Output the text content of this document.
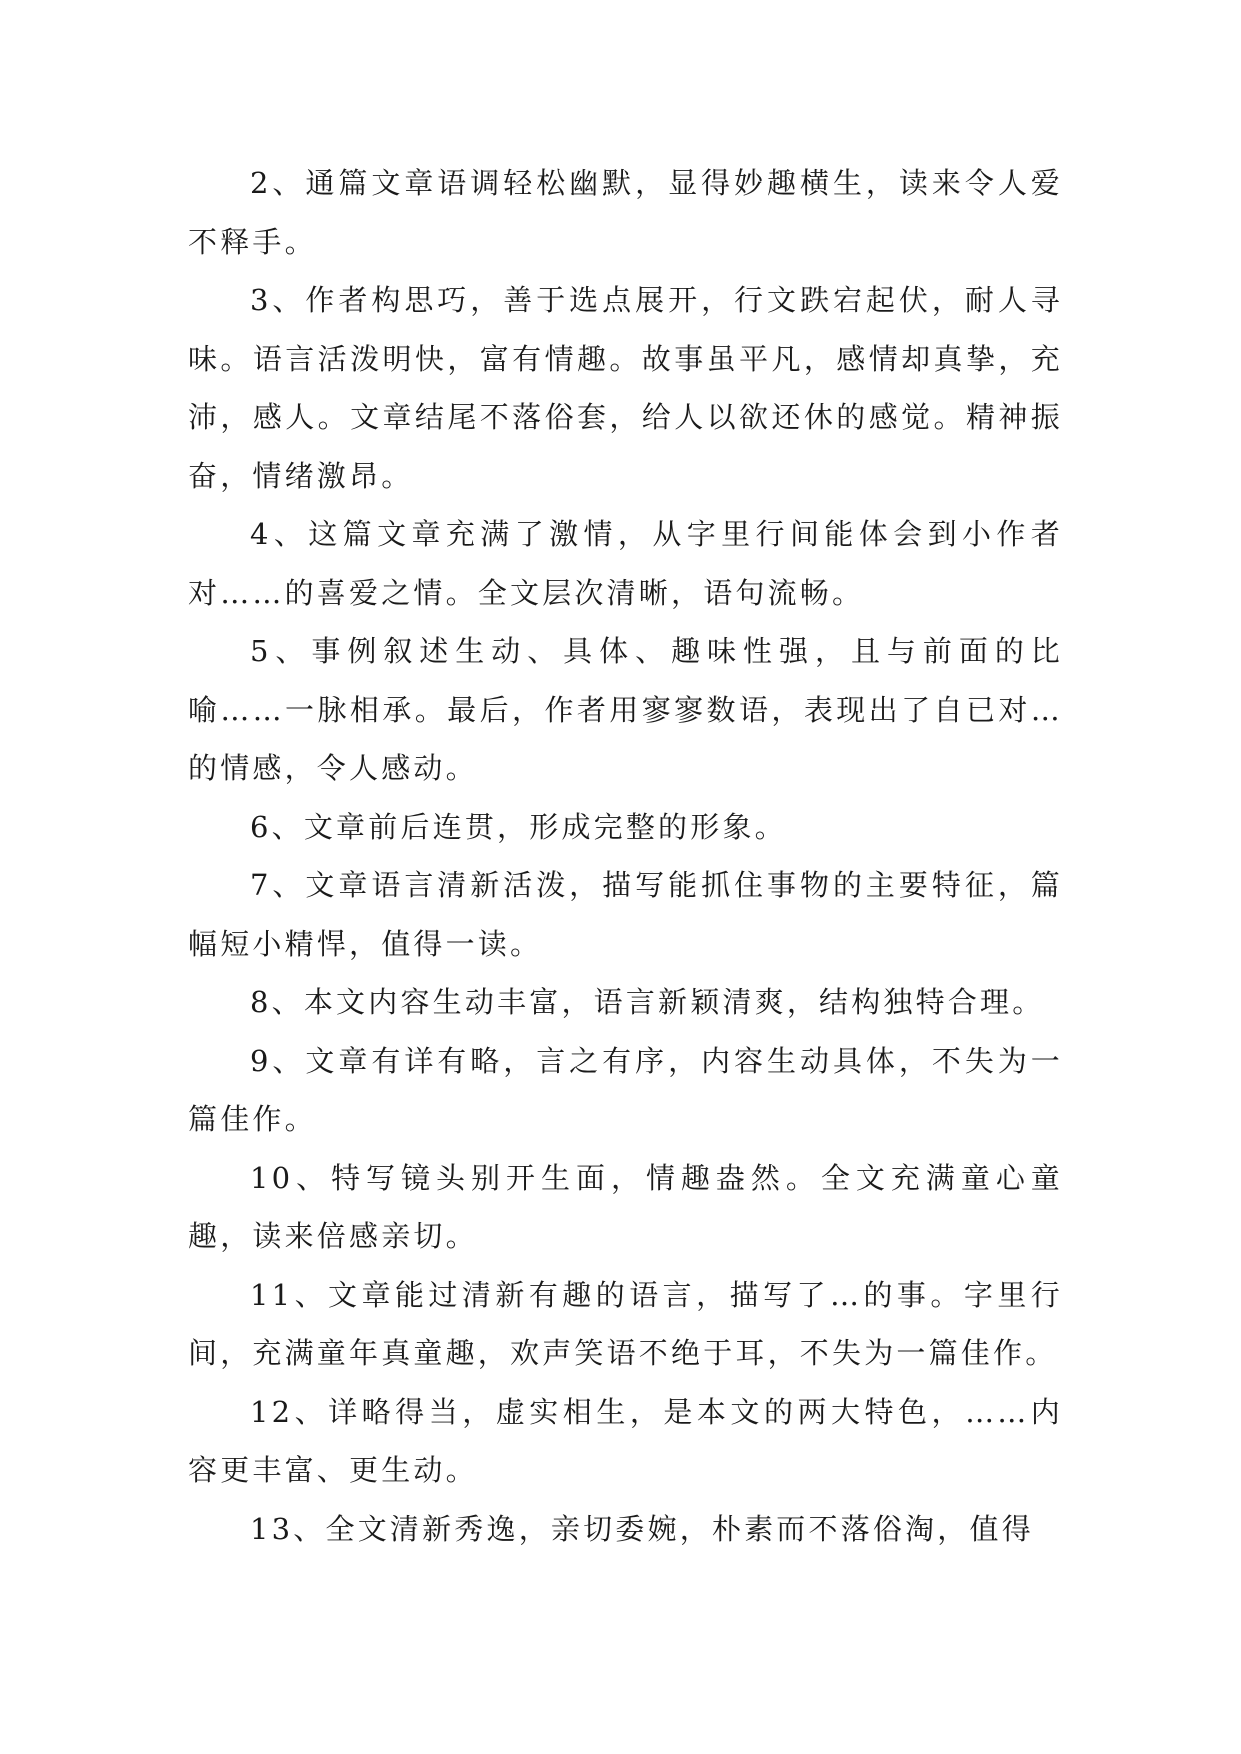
2、通篇文章语调轻松幽默，显得妙趣横生，读来令人爱不释手。

3、作者构思巧，善于选点展开，行文跌宕起伏，耐人寻味。语言活泼明快，富有情趣。故事虽平凡，感情却真挚，充沛，感人。文章结尾不落俗套，给人以欲还休的感觉。精神振奋，情绪激昂。

4、这篇文章充满了激情，从字里行间能体会到小作者对……的喜爱之情。全文层次清晰，语句流畅。

5、事例叙述生动、具体、趣味性强，且与前面的比喻……一脉相承。最后，作者用寥寥数语，表现出了自已对…的情感，令人感动。

6、文章前后连贯，形成完整的形象。

7、文章语言清新活泼，描写能抓住事物的主要特征，篇幅短小精悍，值得一读。

8、本文内容生动丰富，语言新颖清爽，结构独特合理。

9、文章有详有略，言之有序，内容生动具体，不失为一篇佳作。

10、特写镜头别开生面，情趣盎然。全文充满童心童趣，读来倍感亲切。

11、文章能过清新有趣的语言，描写了…的事。字里行间，充满童年真童趣，欢声笑语不绝于耳，不失为一篇佳作。

12、详略得当，虚实相生，是本文的两大特色，……内容更丰富、更生动。

13、全文清新秀逸，亲切委婉，朴素而不落俗淘，值得
